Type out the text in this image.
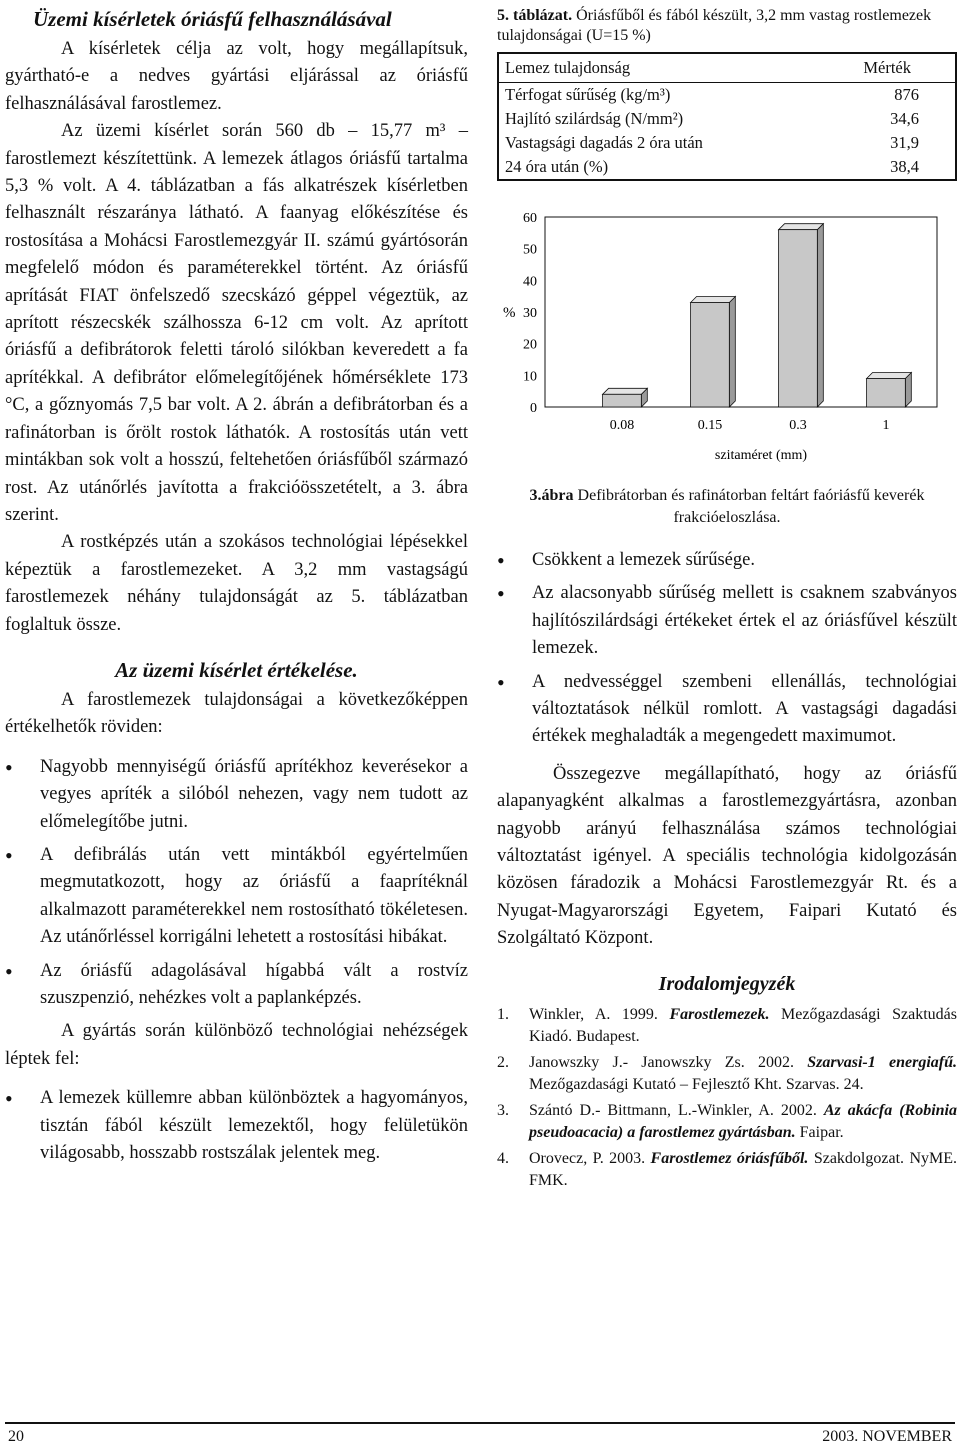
Üzemi kísérletek óriásfű felhasználásával

A kísérletek célja az volt, hogy megállapítsuk, gyártható-e a nedves gyártási eljárással az óriásfű felhasználásával farostlemez.

Az üzemi kísérlet során 560 db – 15,77 m³ – farostlemezt készítettünk. A lemezek átlagos óriásfű tartalma 5,3 % volt. A 4. táblázatban a fás alkatrészek kísérletben felhasznált részaránya látható. A faanyag előkészítése és rostosítása a Mohácsi Farostlemezgyár II. számú gyártósorán megfelelő módon és paraméterekkel történt. Az óriásfű aprítását FIAT önfelszedő szecskázó géppel végeztük, az aprított részecskék szálhossza 6-12 cm volt. Az aprított óriásfű a defibrátorok feletti tároló silókban keveredett a fa aprítékkal. A defibrátor előmelegítőjének hőmérséklete 173 °C, a gőznyomás 7,5 bar volt. A 2. ábrán a defibrátorban és a rafinátorban is őrölt rostok láthatók. A rostosítás után vett mintákban sok volt a hosszú, feltehetően óriásfűből származó rost. Az utánőrlés javította a frakcióösszetételt, a 3. ábra szerint.

A rostképzés után a szokásos technológiai lépésekkel képeztük a farostlemezeket. A 3,2 mm vastagságú farostlemezek néhány tulajdonságát az 5. táblázatban foglaltuk össze.

Az üzemi kísérlet értékelése.

A farostlemezek tulajdonságai a következőképpen értékelhetők röviden:

• Nagyobb mennyiségű óriásfű aprítékhoz keverésekor a vegyes apríték a silóból nehezen, vagy nem tudott az előmelegítőbe jutni.
• A defibrálás után vett mintákból egyértelműen megmutatkozott, hogy az óriásfű a faaprítéknál alkalmazott paraméterekkel nem rostosítható tökéletesen. Az utánőrléssel korrigálni lehetett a rostosítási hibákat.
• Az óriásfű adagolásával hígabbá vált a rostvíz szuszpenzió, nehézkes volt a paplanképzés.

A gyártás során különböző technológiai nehézségek léptek fel:

• A lemezek küllemre abban különböztek a hagyományos, tisztán fából készült lemezektől, hogy felületükön világosabb, hosszabb rostszálak jelentek meg.
5. táblázat. Óriásfűből és fából készült, 3,2 mm vastag rostlemezek tulajdonságai (U=15 %)
Lemez tulajdonság	Mérték
Térfogat sűrűség (kg/m³)	876
Hajlító szilárdság (N/mm²)	34,6
Vastagsági dagadás 2 óra után	31,9
24 óra után (%)	38,4
0
10
20
30
40
50
60
%
0.08	0.15	0.3	1
szitaméret (mm)
3.ábra Defibrátorban és rafinátorban feltárt faóriásfű keverék frakcióeloszlása.
• Csökkent a lemezek sűrűsége.
• Az alacsonyabb sűrűség mellett is csaknem szabványos hajlítószilárdsági értékeket értek el az óriásfűvel készült lemezek.
• A nedvességgel szembeni ellenállás, technológiai változtatások nélkül romlott. A vastagsági dagadási értékek meghaladták a megengedett maximumot.

Összegezve megállapítható, hogy az óriásfű alapanyagként alkalmas a farostlemezgyártásra, azonban nagyobb arányú felhasználása számos technológiai változtatást igényel. A speciális technológia kidolgozásán közösen fáradozik a Mohácsi Farostlemezgyár Rt. és a Nyugat-Magyarországi Egyetem, Faipari Kutató és Szolgáltató Központ.

Irodalomjegyzék
1. Winkler, A. 1999. Farostlemezek. Mezőgazdasági Szaktudás Kiadó. Budapest.
2. Janowszky J.- Janowszky Zs. 2002. Szarvasi-1 energiafű. Mezőgazdasági Kutató – Fejlesztő Kht. Szarvas. 24.
3. Szántó D.- Bittmann, L.-Winkler, A. 2002. Az akácfa (Robinia pseudoacacia) a farostlemez gyártásban. Faipar.
4. Orovecz, P. 2003. Farostlemez óriásfűből. Szakdolgozat. NyME. FMK.
20	2003. NOVEMBER
